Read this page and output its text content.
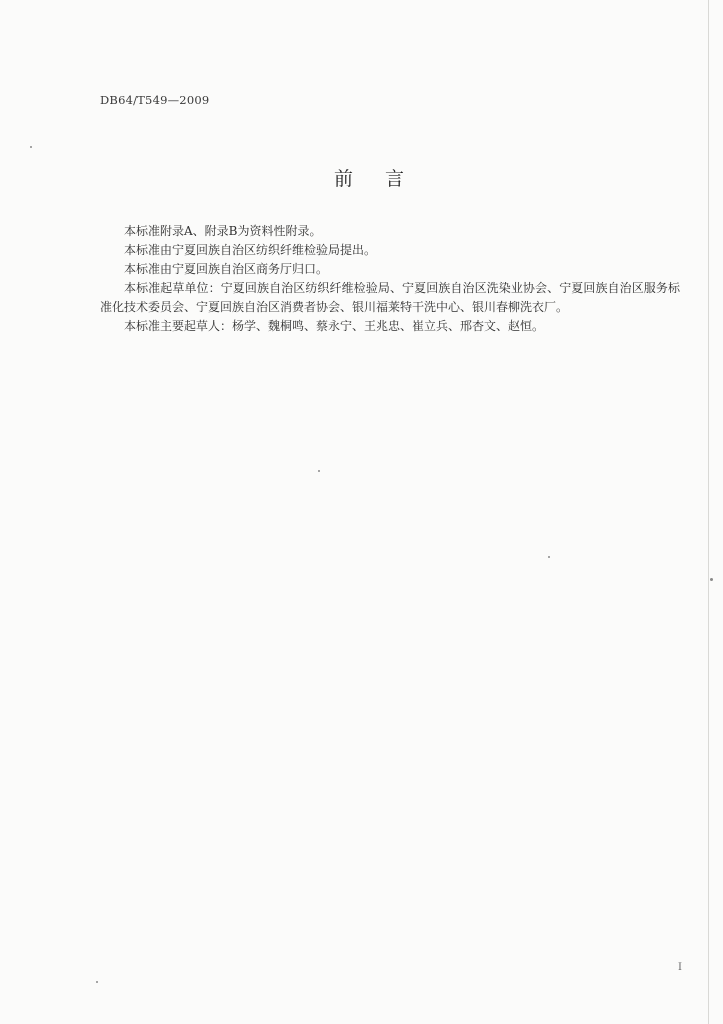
DB64/T549—2009
前言

本标准附录A、附录B为资料性附录。

本标准由宁夏回族自治区纺织纤维检验局提出。

本标准由宁夏回族自治区商务厅归口。

本标准起草单位：宁夏回族自治区纺织纤维检验局、宁夏回族自治区洗染业协会、宁夏回族自治区服务标准化技术委员会、宁夏回族自治区消费者协会、银川福莱特干洗中心、银川春柳洗衣厂。

本标准主要起草人：杨学、魏桐鸣、蔡永宁、王兆忠、崔立兵、邢杏文、赵恒。

I
